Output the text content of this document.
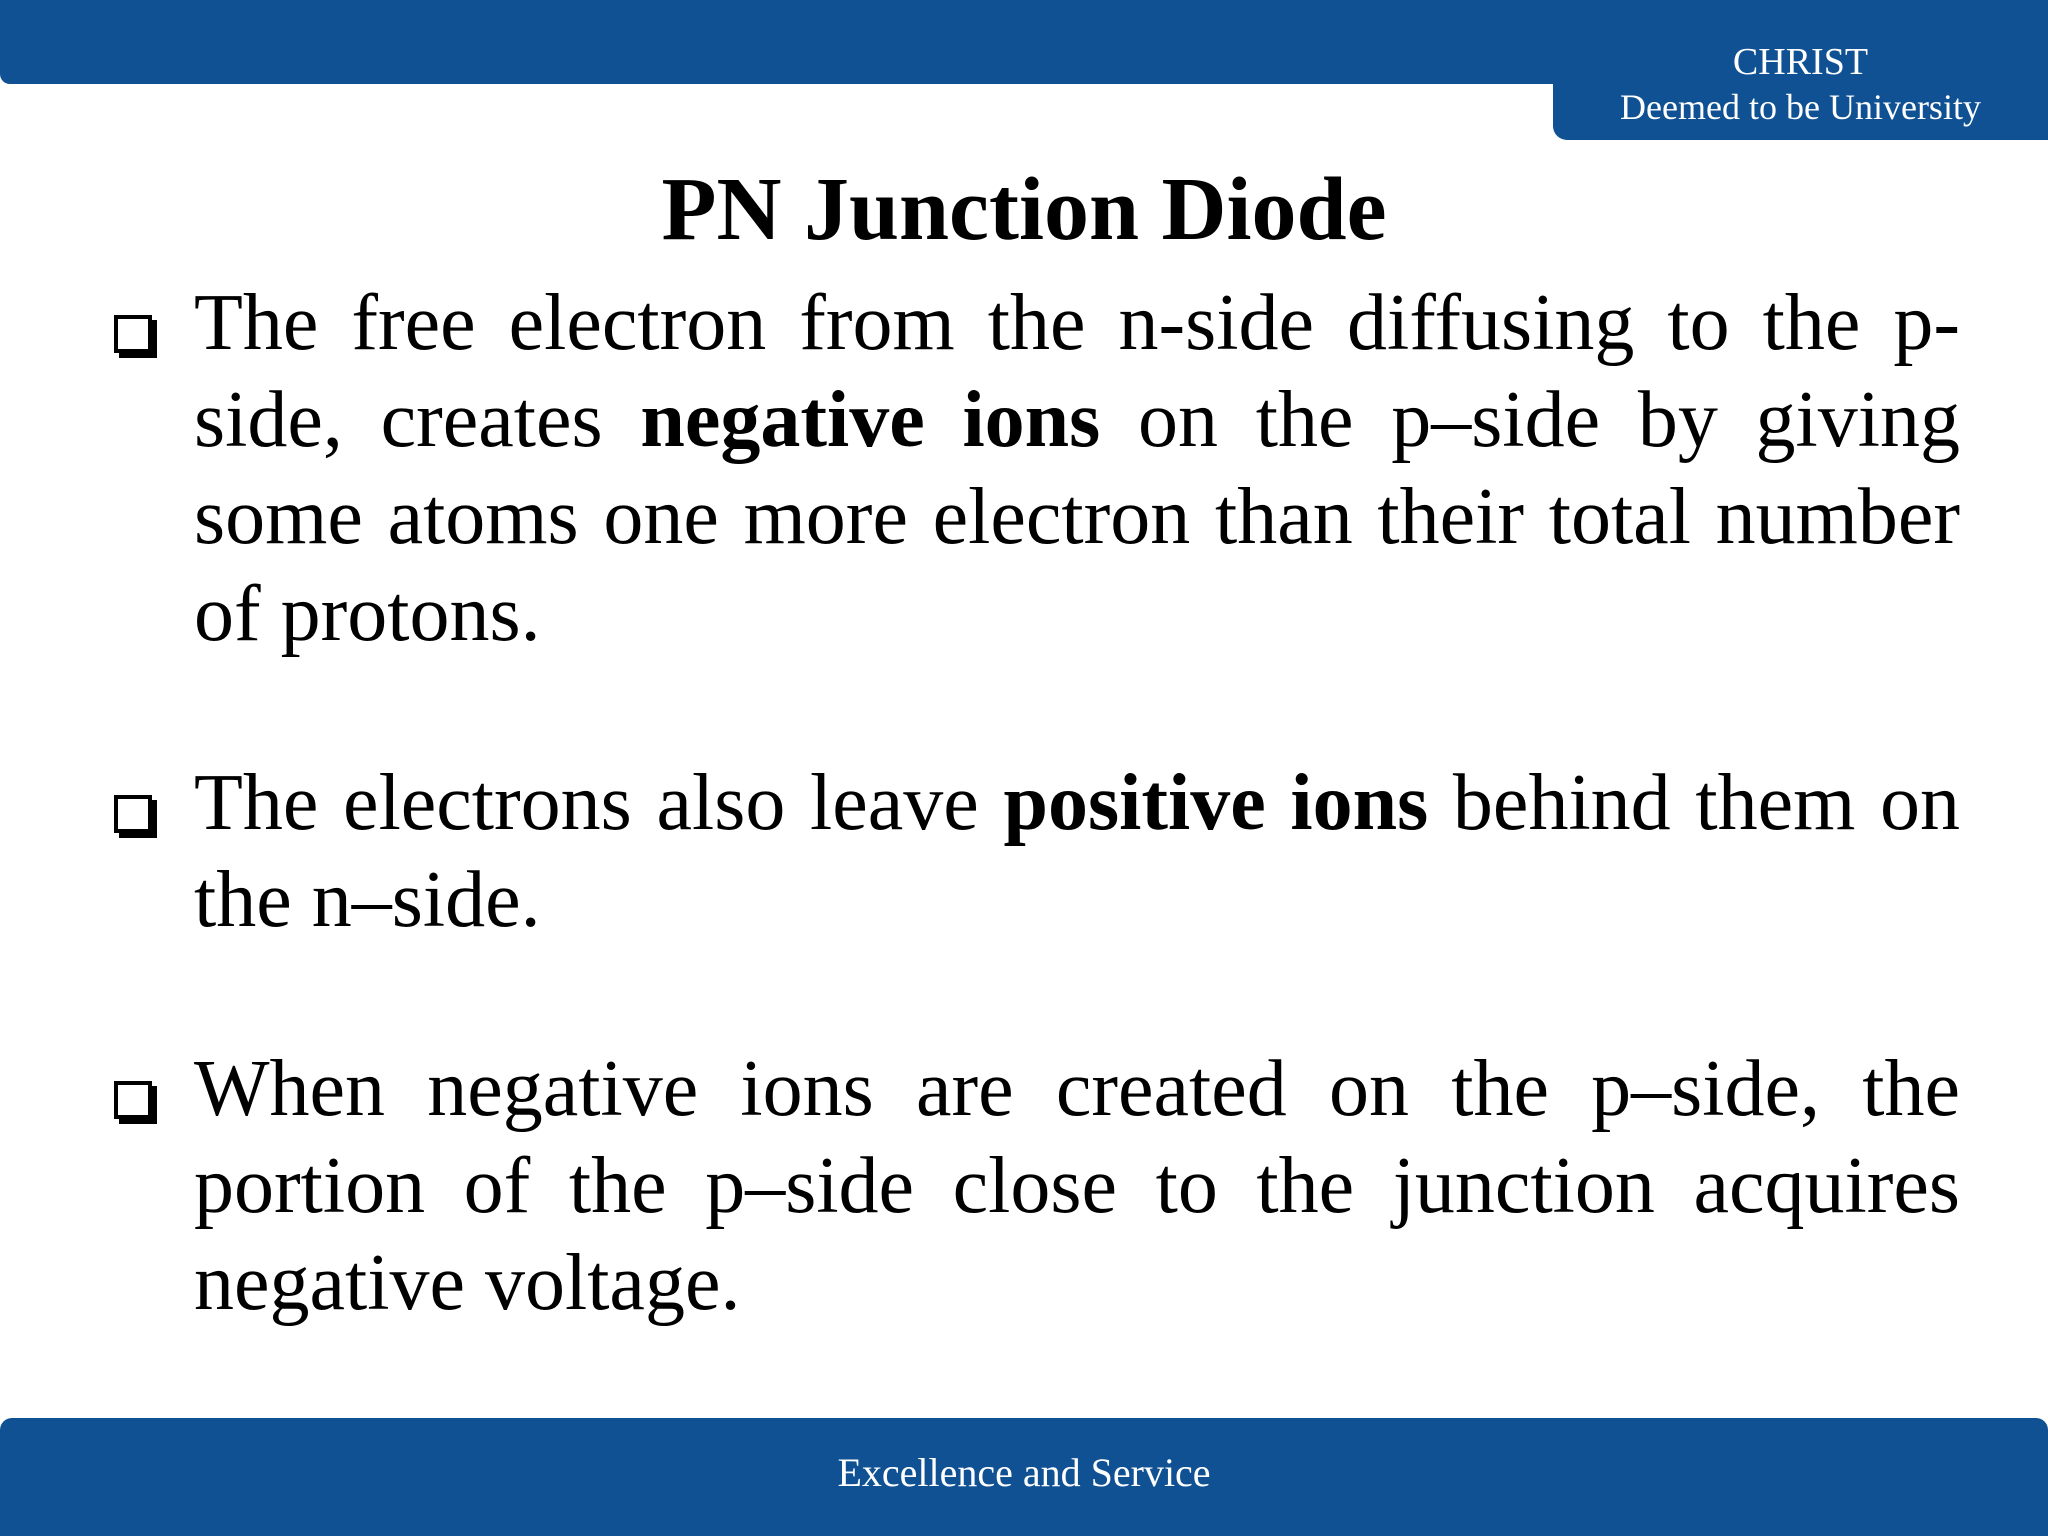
CHRIST
Deemed to be University
PN Junction Diode
The free electron from the n-side diffusing to the p-side, creates negative ions on the p–side by giving some atoms one more electron than their total number of protons.
The electrons also leave positive ions behind them on the n–side.
When negative ions are created on the p–side, the portion of the p–side close to the junction acquires negative voltage.
Excellence and Service
